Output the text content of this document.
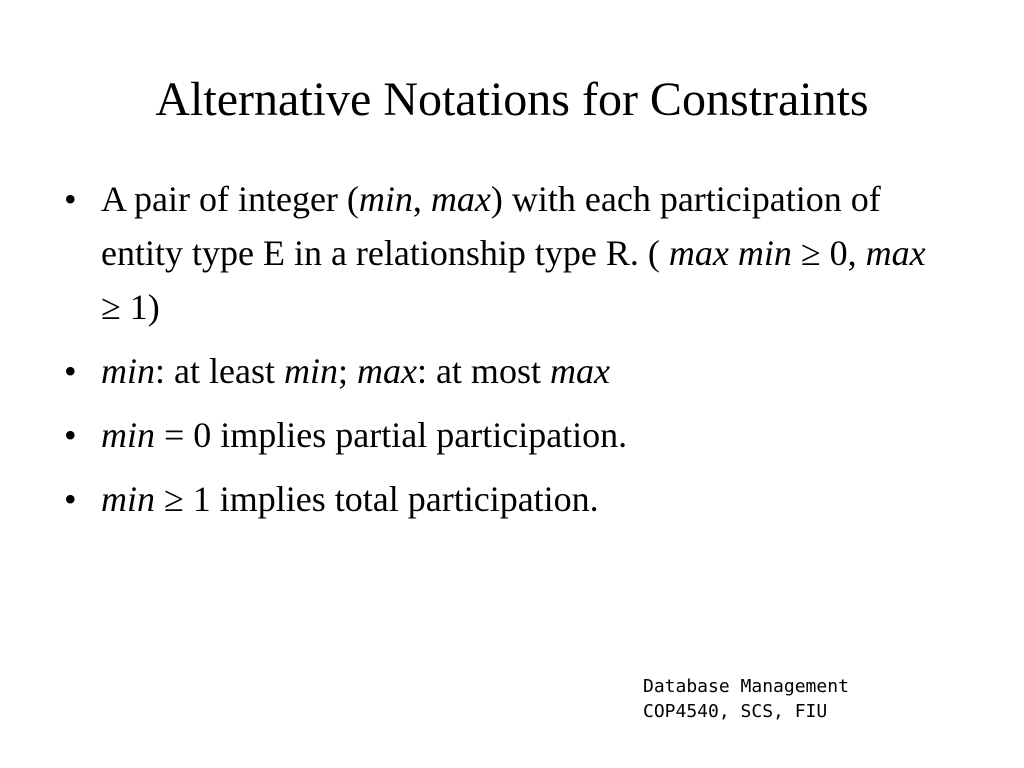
Alternative Notations for Constraints
• A pair of integer (min, max) with each participation of entity type E in a relationship type R. ( max min ≥ 0, max ≥ 1)
• min: at least min; max: at most max
• min = 0 implies partial participation.
• min ≥ 1 implies total participation.
Database Management
COP4540, SCS, FIU
